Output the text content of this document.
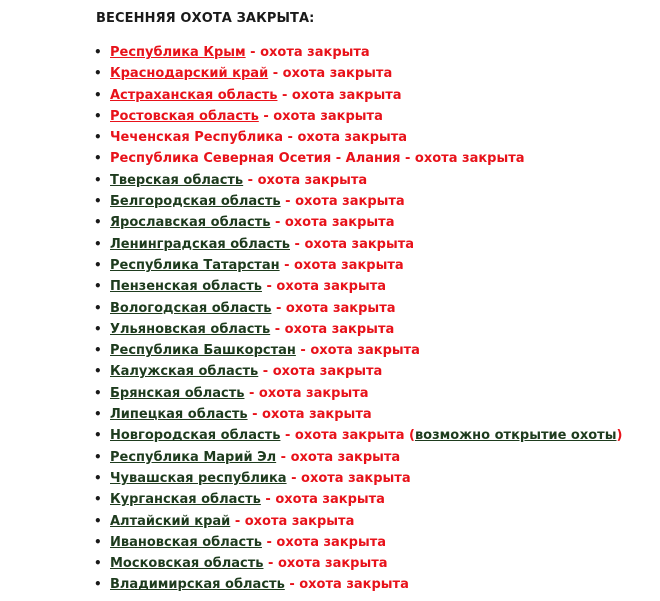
ВЕСЕННЯЯ ОХОТА ЗАКРЫТА:
• Республика Крым - охота закрыта
• Краснодарский край - охота закрыта
• Астраханская область - охота закрыта
• Ростовская область - охота закрыта
• Чеченская Республика - охота закрыта
• Республика Северная Осетия - Алания - охота закрыта
• Тверская область - охота закрыта
• Белгородская область - охота закрыта
• Ярославская область - охота закрыта
• Ленинградская область - охота закрыта
• Республика Татарстан - охота закрыта
• Пензенская область - охота закрыта
• Вологодская область - охота закрыта
• Ульяновская область - охота закрыта
• Республика Башкорстан - охота закрыта
• Калужская область - охота закрыта
• Брянская область - охота закрыта
• Липецкая область - охота закрыта
• Новгородская область - охота закрыта (возможно открытие охоты)
• Республика Марий Эл - охота закрыта
• Чувашская республика - охота закрыта
• Курганская область - охота закрыта
• Алтайский край - охота закрыта
• Ивановская область - охота закрыта
• Московская область - охота закрыта
• Владимирская область - охота закрыта
